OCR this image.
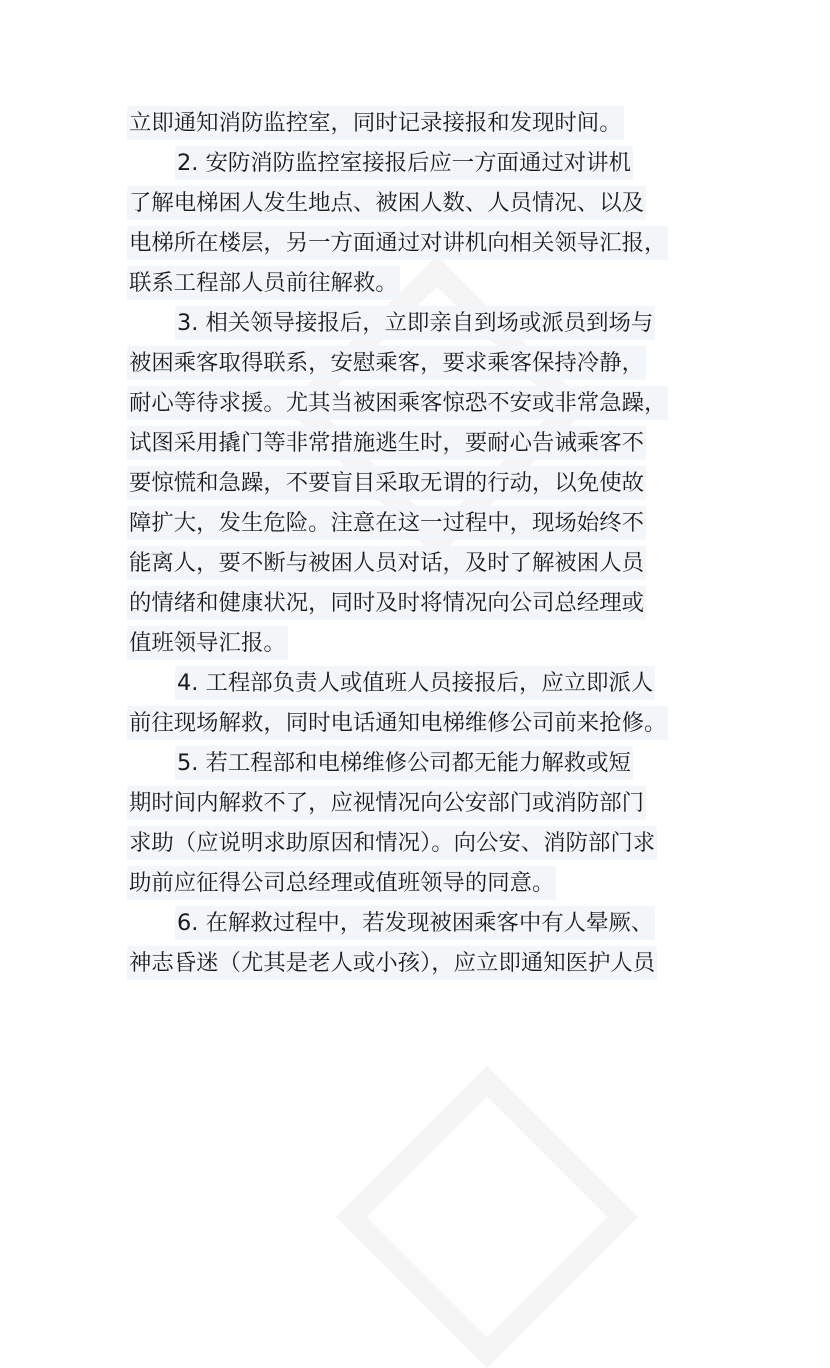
立即通知消防监控室，同时记录接报和发现时间。
2. 安防消防监控室接报后应一方面通过对讲机
了解电梯困人发生地点、被困人数、人员情况、以及
电梯所在楼层，另一方面通过对讲机向相关领导汇报，
联系工程部人员前往解救。
3. 相关领导接报后，立即亲自到场或派员到场与
被困乘客取得联系，安慰乘客，要求乘客保持冷静，
耐心等待求援。尤其当被困乘客惊恐不安或非常急躁，
试图采用撬门等非常措施逃生时，要耐心告诫乘客不
要惊慌和急躁，不要盲目采取无谓的行动，以免使故
障扩大，发生危险。注意在这一过程中，现场始终不
能离人，要不断与被困人员对话，及时了解被困人员
的情绪和健康状况，同时及时将情况向公司总经理或
值班领导汇报。
4. 工程部负责人或值班人员接报后，应立即派人
前往现场解救，同时电话通知电梯维修公司前来抢修。
5. 若工程部和电梯维修公司都无能力解救或短
期时间内解救不了，应视情况向公安部门或消防部门
求助（应说明求助原因和情况）。向公安、消防部门求
助前应征得公司总经理或值班领导的同意。
6. 在解救过程中，若发现被困乘客中有人晕厥、
神志昏迷（尤其是老人或小孩），应立即通知医护人员
